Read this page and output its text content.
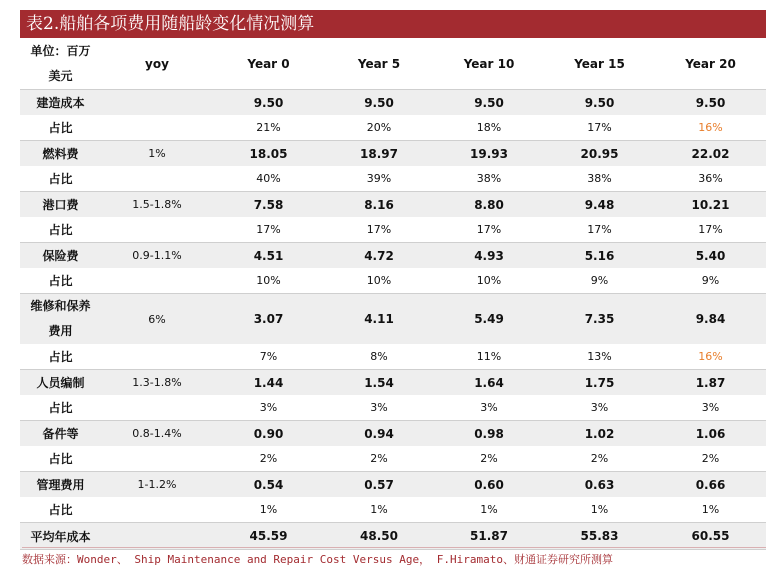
表2.船舶各项费用随船龄变化情况测算
单位：百万
美元	yoy	Year 0	Year 5	Year 10	Year 15	Year 20
建造成本		9.50	9.50	9.50	9.50	9.50
占比		21%	20%	18%	17%	16%
燃料费	1%	18.05	18.97	19.93	20.95	22.02
占比		40%	39%	38%	38%	36%
港口费	1.5-1.8%	7.58	8.16	8.80	9.48	10.21
占比		17%	17%	17%	17%	17%
保险费	0.9-1.1%	4.51	4.72	4.93	5.16	5.40
占比		10%	10%	10%	9%	9%
维修和保养
费用	6%	3.07	4.11	5.49	7.35	9.84
占比		7%	8%	11%	13%	16%
人员编制	1.3-1.8%	1.44	1.54	1.64	1.75	1.87
占比		3%	3%	3%	3%	3%
备件等	0.8-1.4%	0.90	0.94	0.98	1.02	1.06
占比		2%	2%	2%	2%	2%
管理费用	1-1.2%	0.54	0.57	0.60	0.63	0.66
占比		1%	1%	1%	1%	1%
平均年成本		45.59	48.50	51.87	55.83	60.55
数据来源：Wonder、 Ship Maintenance and Repair Cost Versus Age， F.Hiramato、财通证券研究所测算
